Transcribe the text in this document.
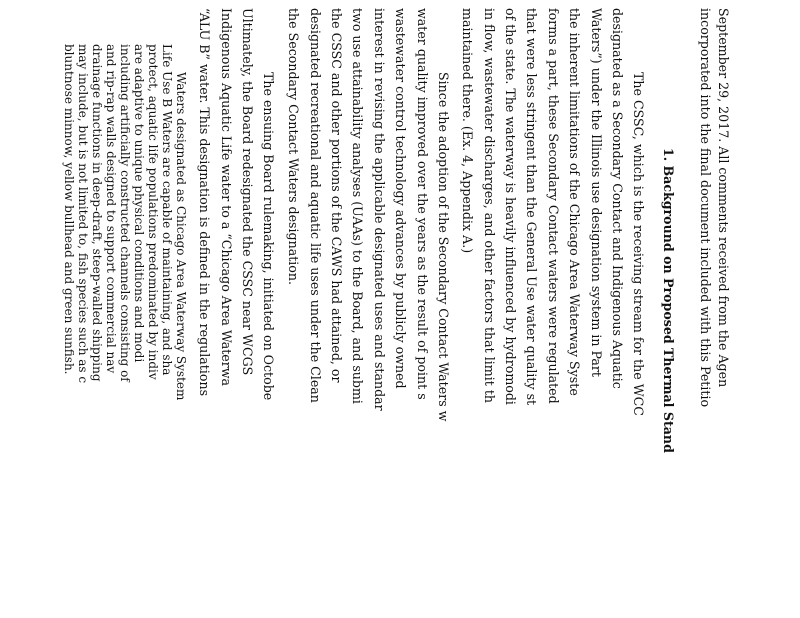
September 29, 2017. All comments received from the Agen
incorporated into the final document included with this Petitio
1. Background on Proposed Thermal Stand
The CSSC, which is the receiving stream for the WCC
designated as a Secondary Contact and Indigenous Aquatic
Waters”) under the Illinois use designation system in Part
the inherent limitations of the Chicago Area Waterway Syste
forms a part, these Secondary Contact waters were regulated
that were less stringent than the General Use water quality st
of the state. The waterway is heavily influenced by hydromodi
in flow, wastewater discharges, and other factors that limit th
maintained there. (Ex. 4, Appendix A.)
Since the adoption of the Secondary Contact Waters w
water quality improved over the years as the result of point s
wastewater control technology advances by publicly owned
interest in revising the applicable designated uses and standar
two use attainability analyses (UAAs) to the Board, and submi
the CSSC and other portions of the CAWS had attained, or
designated recreational and aquatic life uses under the Clean
the Secondary Contact Waters designation.
The ensuing Board rulemaking, initiated on Octobe
Ultimately, the Board redesignated the CSSC near WCGS
Indigenous Aquatic Life water to a “Chicago Area Waterwa
“ALU B” water. This designation is defined in the regulations
Waters designated as Chicago Area Waterway System
Life Use B Waters are capable of maintaining, and sha
protect, aquatic life populations predominated by indiv
are adaptive to unique physical conditions and modi
including artificially constructed channels consisting of
and rip-rap walls designed to support commercial nav
drainage functions in deep-draft, steep-walled shipping
may include, but is not limited to, fish species such as c
bluntnose minnow, yellow bullhead and green sunfish.
